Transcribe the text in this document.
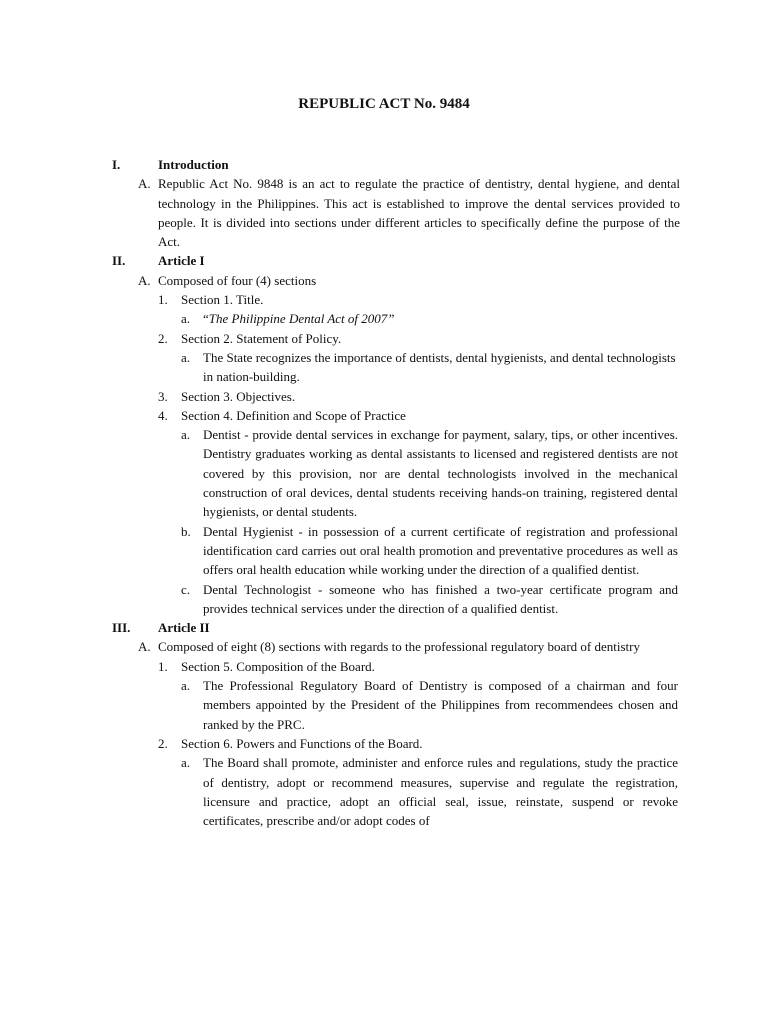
REPUBLIC ACT No. 9484
I.	Introduction
A. Republic Act No. 9848 is an act to regulate the practice of dentistry, dental hygiene, and dental technology in the Philippines. This act is established to improve the dental services provided to people. It is divided into sections under different articles to specifically define the purpose of the Act.
II.	Article I
A. Composed of four (4) sections
1. Section 1. Title.
a. “The Philippine Dental Act of 2007”
2. Section 2. Statement of Policy.
a. The State recognizes the importance of dentists, dental hygienists, and dental technologists in nation-building.
3. Section 3. Objectives.
4. Section 4. Definition and Scope of Practice
a. Dentist - provide dental services in exchange for payment, salary, tips, or other incentives. Dentistry graduates working as dental assistants to licensed and registered dentists are not covered by this provision, nor are dental technologists involved in the mechanical construction of oral devices, dental students receiving hands-on training, registered dental hygienists, or dental students.
b. Dental Hygienist - in possession of a current certificate of registration and professional identification card carries out oral health promotion and preventative procedures as well as offers oral health education while working under the direction of a qualified dentist.
c. Dental Technologist - someone who has finished a two-year certificate program and provides technical services under the direction of a qualified dentist.
III. Article II
A. Composed of eight (8) sections with regards to the professional regulatory board of dentistry
1. Section 5. Composition of the Board.
a. The Professional Regulatory Board of Dentistry is composed of a chairman and four members appointed by the President of the Philippines from recommendees chosen and ranked by the PRC.
2. Section 6. Powers and Functions of the Board.
a. The Board shall promote, administer and enforce rules and regulations, study the practice of dentistry, adopt or recommend measures, supervise and regulate the registration, licensure and practice, adopt an official seal, issue, reinstate, suspend or revoke certificates, prescribe and/or adopt codes of
